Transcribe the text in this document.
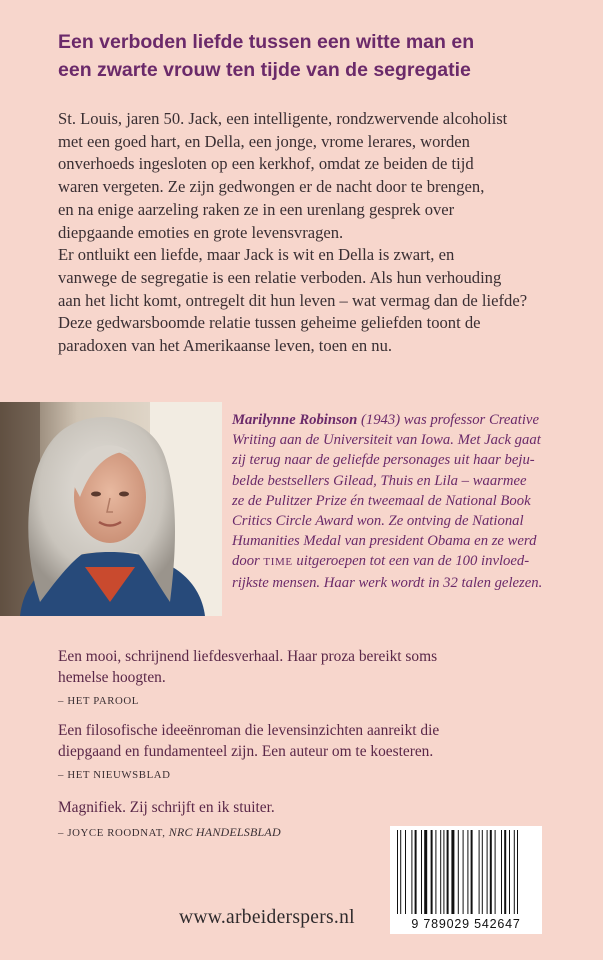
Een verboden liefde tussen een witte man en
een zwarte vrouw ten tijde van de segregatie
St. Louis, jaren 50. Jack, een intelligente, rondzwervende alcoholist
met een goed hart, en Della, een jonge, vrome lerares, worden
onverhoeds ingesloten op een kerkhof, omdat ze beiden de tijd
waren vergeten. Ze zijn gedwongen er de nacht door te brengen,
en na enige aarzeling raken ze in een urenlang gesprek over
diepgaande emoties en grote levensvragen.
Er ontluikt een liefde, maar Jack is wit en Della is zwart, en
vanwege de segregatie is een relatie verboden. Als hun verhouding
aan het licht komt, ontregelt dit hun leven – wat vermag dan de liefde?
Deze gedwarsboomde relatie tussen geheime geliefden toont de
paradoxen van het Amerikaanse leven, toen en nu.
Marilynne Robinson (1943) was professor Creative
Writing aan de Universiteit van Iowa. Met Jack gaat
zij terug naar de geliefde personages uit haar beju-
belde bestsellers Gilead, Thuis en Lila – waarmee
ze de Pulitzer Prize én tweemaal de National Book
Critics Circle Award won. Ze ontving de National
Humanities Medal van president Obama en ze werd
door TIME uitgeroepen tot een van de 100 invloed-
rijkste mensen. Haar werk wordt in 32 talen gelezen.
Een mooi, schrijnend liefdesverhaal. Haar proza bereikt soms
hemelse hoogten.
– HET PAROOL
Een filosofische ideeënroman die levensinzichten aanreikt die
diepgaand en fundamenteel zijn. Een auteur om te koesteren.
– HET NIEUWSBLAD
Magnifiek. Zij schrijft en ik stuiter.
– JOYCE ROODNAT, NRC HANDELSBLAD
www.arbeiderspers.nl	9 789029 542647
